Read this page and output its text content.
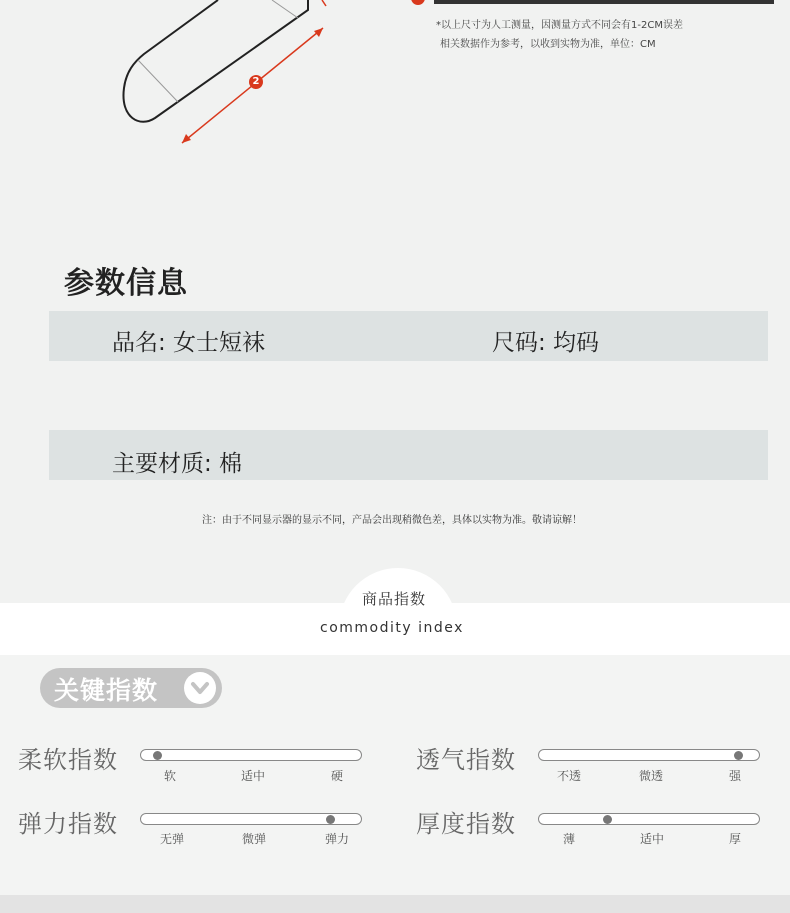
2
*以上尺寸为人工测量，因测量方式不同会有1-2CM误差
相关数据作为参考，以收到实物为准，单位：CM
参数信息
品名: 女士短袜	尺码: 均码
主要材质: 棉
注：由于不同显示器的显示不同，产品会出现稍微色差，具体以实物为准。敬请谅解！
商品指数
commodity index
关键指数
柔软指数
软	适中	硬
透气指数
不透	微透	强
弹力指数
无弹	微弹	弹力
厚度指数
薄	适中	厚
